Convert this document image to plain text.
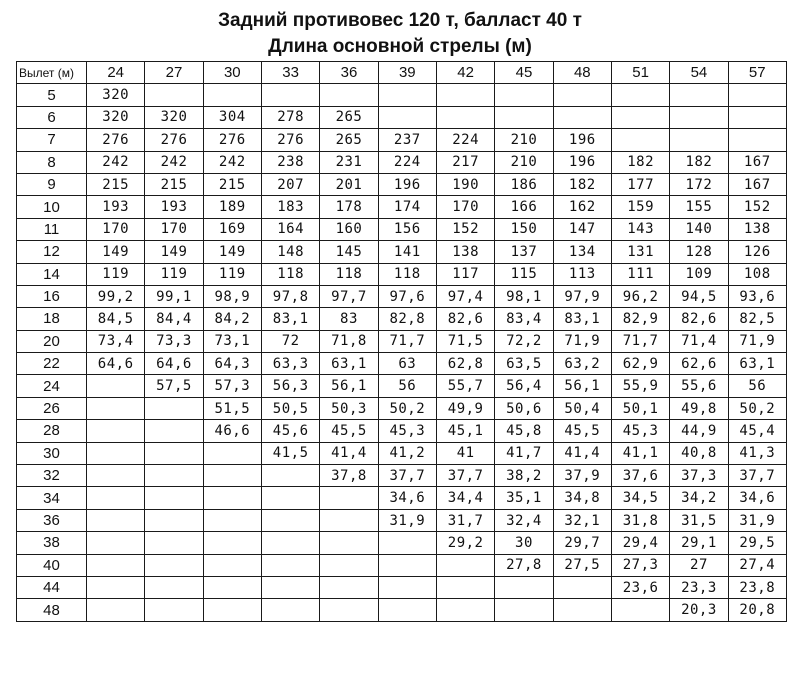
Задний противовес 120 т, балласт 40 т
Длина основной стрелы (м)
Вылет (м)	24	27	30	33	36	39	42	45	48	51	54	57
5	320											
6	320	320	304	278	265							
7	276	276	276	276	265	237	224	210	196			
8	242	242	242	238	231	224	217	210	196	182	182	167
9	215	215	215	207	201	196	190	186	182	177	172	167
10	193	193	189	183	178	174	170	166	162	159	155	152
11	170	170	169	164	160	156	152	150	147	143	140	138
12	149	149	149	148	145	141	138	137	134	131	128	126
14	119	119	119	118	118	118	117	115	113	111	109	108
16	99,2	99,1	98,9	97,8	97,7	97,6	97,4	98,1	97,9	96,2	94,5	93,6
18	84,5	84,4	84,2	83,1	83	82,8	82,6	83,4	83,1	82,9	82,6	82,5
20	73,4	73,3	73,1	72	71,8	71,7	71,5	72,2	71,9	71,7	71,4	71,9
22	64,6	64,6	64,3	63,3	63,1	63	62,8	63,5	63,2	62,9	62,6	63,1
24		57,5	57,3	56,3	56,1	56	55,7	56,4	56,1	55,9	55,6	56
26			51,5	50,5	50,3	50,2	49,9	50,6	50,4	50,1	49,8	50,2
28			46,6	45,6	45,5	45,3	45,1	45,8	45,5	45,3	44,9	45,4
30				41,5	41,4	41,2	41	41,7	41,4	41,1	40,8	41,3
32					37,8	37,7	37,7	38,2	37,9	37,6	37,3	37,7
34						34,6	34,4	35,1	34,8	34,5	34,2	34,6
36						31,9	31,7	32,4	32,1	31,8	31,5	31,9
38							29,2	30	29,7	29,4	29,1	29,5
40								27,8	27,5	27,3	27	27,4
44										23,6	23,3	23,8
48											20,3	20,8
